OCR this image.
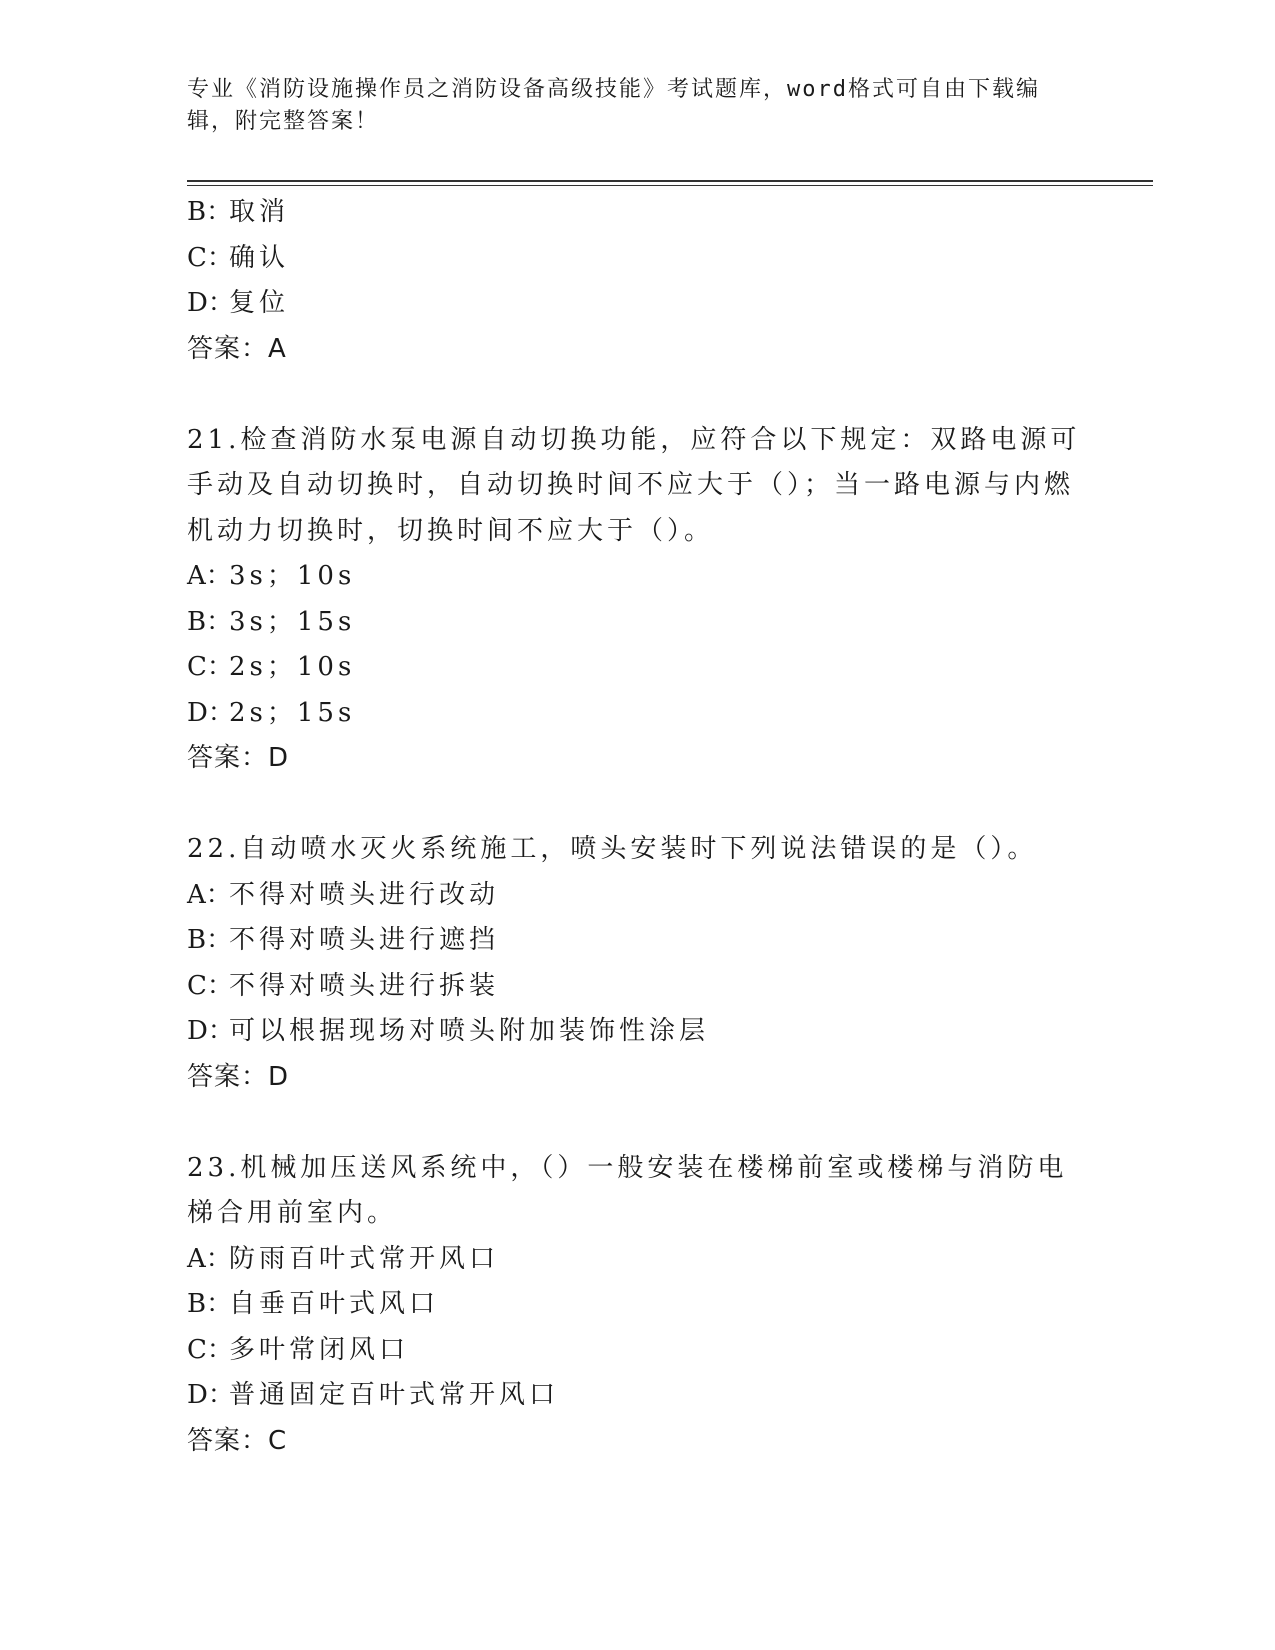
专业《消防设施操作员之消防设备高级技能》考试题库，word格式可自由下载编辑，附完整答案！
B：取消
C：确认
D：复位
答案：A
21.检查消防水泵电源自动切换功能，应符合以下规定：双路电源可手动及自动切换时，自动切换时间不应大于（）；当一路电源与内燃机动力切换时，切换时间不应大于（）。
A：3s；10s
B：3s；15s
C：2s；10s
D：2s；15s
答案：D
22.自动喷水灭火系统施工，喷头安装时下列说法错误的是（）。
A：不得对喷头进行改动
B：不得对喷头进行遮挡
C：不得对喷头进行拆装
D：可以根据现场对喷头附加装饰性涂层
答案：D
23.机械加压送风系统中，（）一般安装在楼梯前室或楼梯与消防电梯合用前室内。
A：防雨百叶式常开风口
B：自垂百叶式风口
C：多叶常闭风口
D：普通固定百叶式常开风口
答案：C
